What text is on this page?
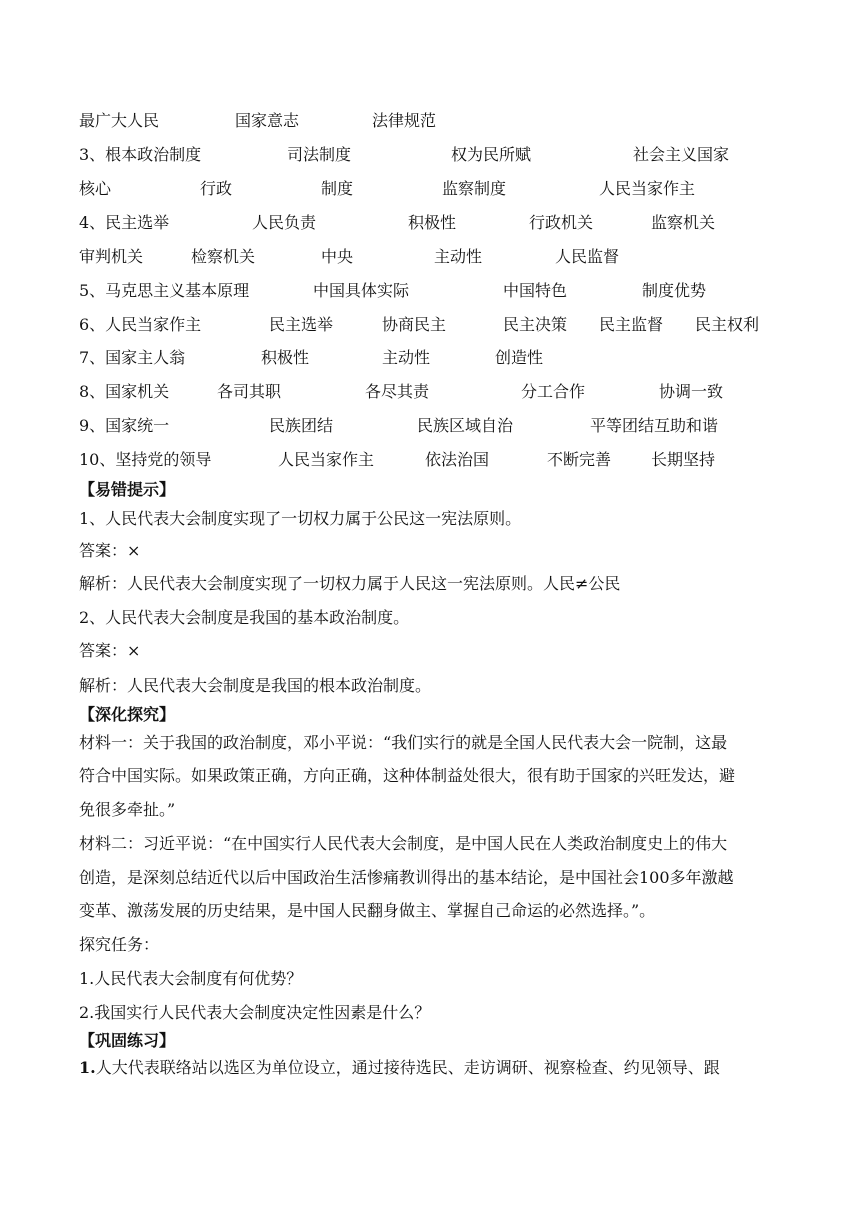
最广大人民	国家意志	法律规范
3、根本政治制度	司法制度	权为民所赋	社会主义国家
核心	行政	制度	监察制度	人民当家作主
4、民主选举	人民负责	积极性	行政机关	监察机关
审判机关	检察机关	中央	主动性	人民监督
5、马克思主义基本原理	中国具体实际	中国特色	制度优势
6、人民当家作主	民主选举	协商民主	民主决策 民主监督 民主权利
7、国家主人翁	积极性	主动性	创造性
8、国家机关	各司其职	各尽其责	分工合作	协调一致
9、国家统一	民族团结	民族区域自治	平等团结互助和谐
10、坚持党的领导	人民当家作主	依法治国	不断完善 长期坚持
【易错提示】
1、人民代表大会制度实现了一切权力属于公民这一宪法原则。
答案：×
解析：人民代表大会制度实现了一切权力属于人民这一宪法原则。人民≠公民
2、人民代表大会制度是我国的基本政治制度。
答案：×
解析：人民代表大会制度是我国的根本政治制度。
【深化探究】
材料一：关于我国的政治制度，邓小平说：“我们实行的就是全国人民代表大会一院制，这最
符合中国实际。如果政策正确，方向正确，这种体制益处很大，很有助于国家的兴旺发达，避
免很多牵扯。”
材料二：习近平说：“在中国实行人民代表大会制度，是中国人民在人类政治制度史上的伟大
创造，是深刻总结近代以后中国政治生活惨痛教训得出的基本结论，是中国社会100多年激越
变革、激荡发展的历史结果，是中国人民翻身做主、掌握自己命运的必然选择。”。
探究任务：
1.人民代表大会制度有何优势？
2.我国实行人民代表大会制度决定性因素是什么？
【巩固练习】
1.人大代表联络站以选区为单位设立，通过接待选民、走访调研、视察检查、约见领导、跟
